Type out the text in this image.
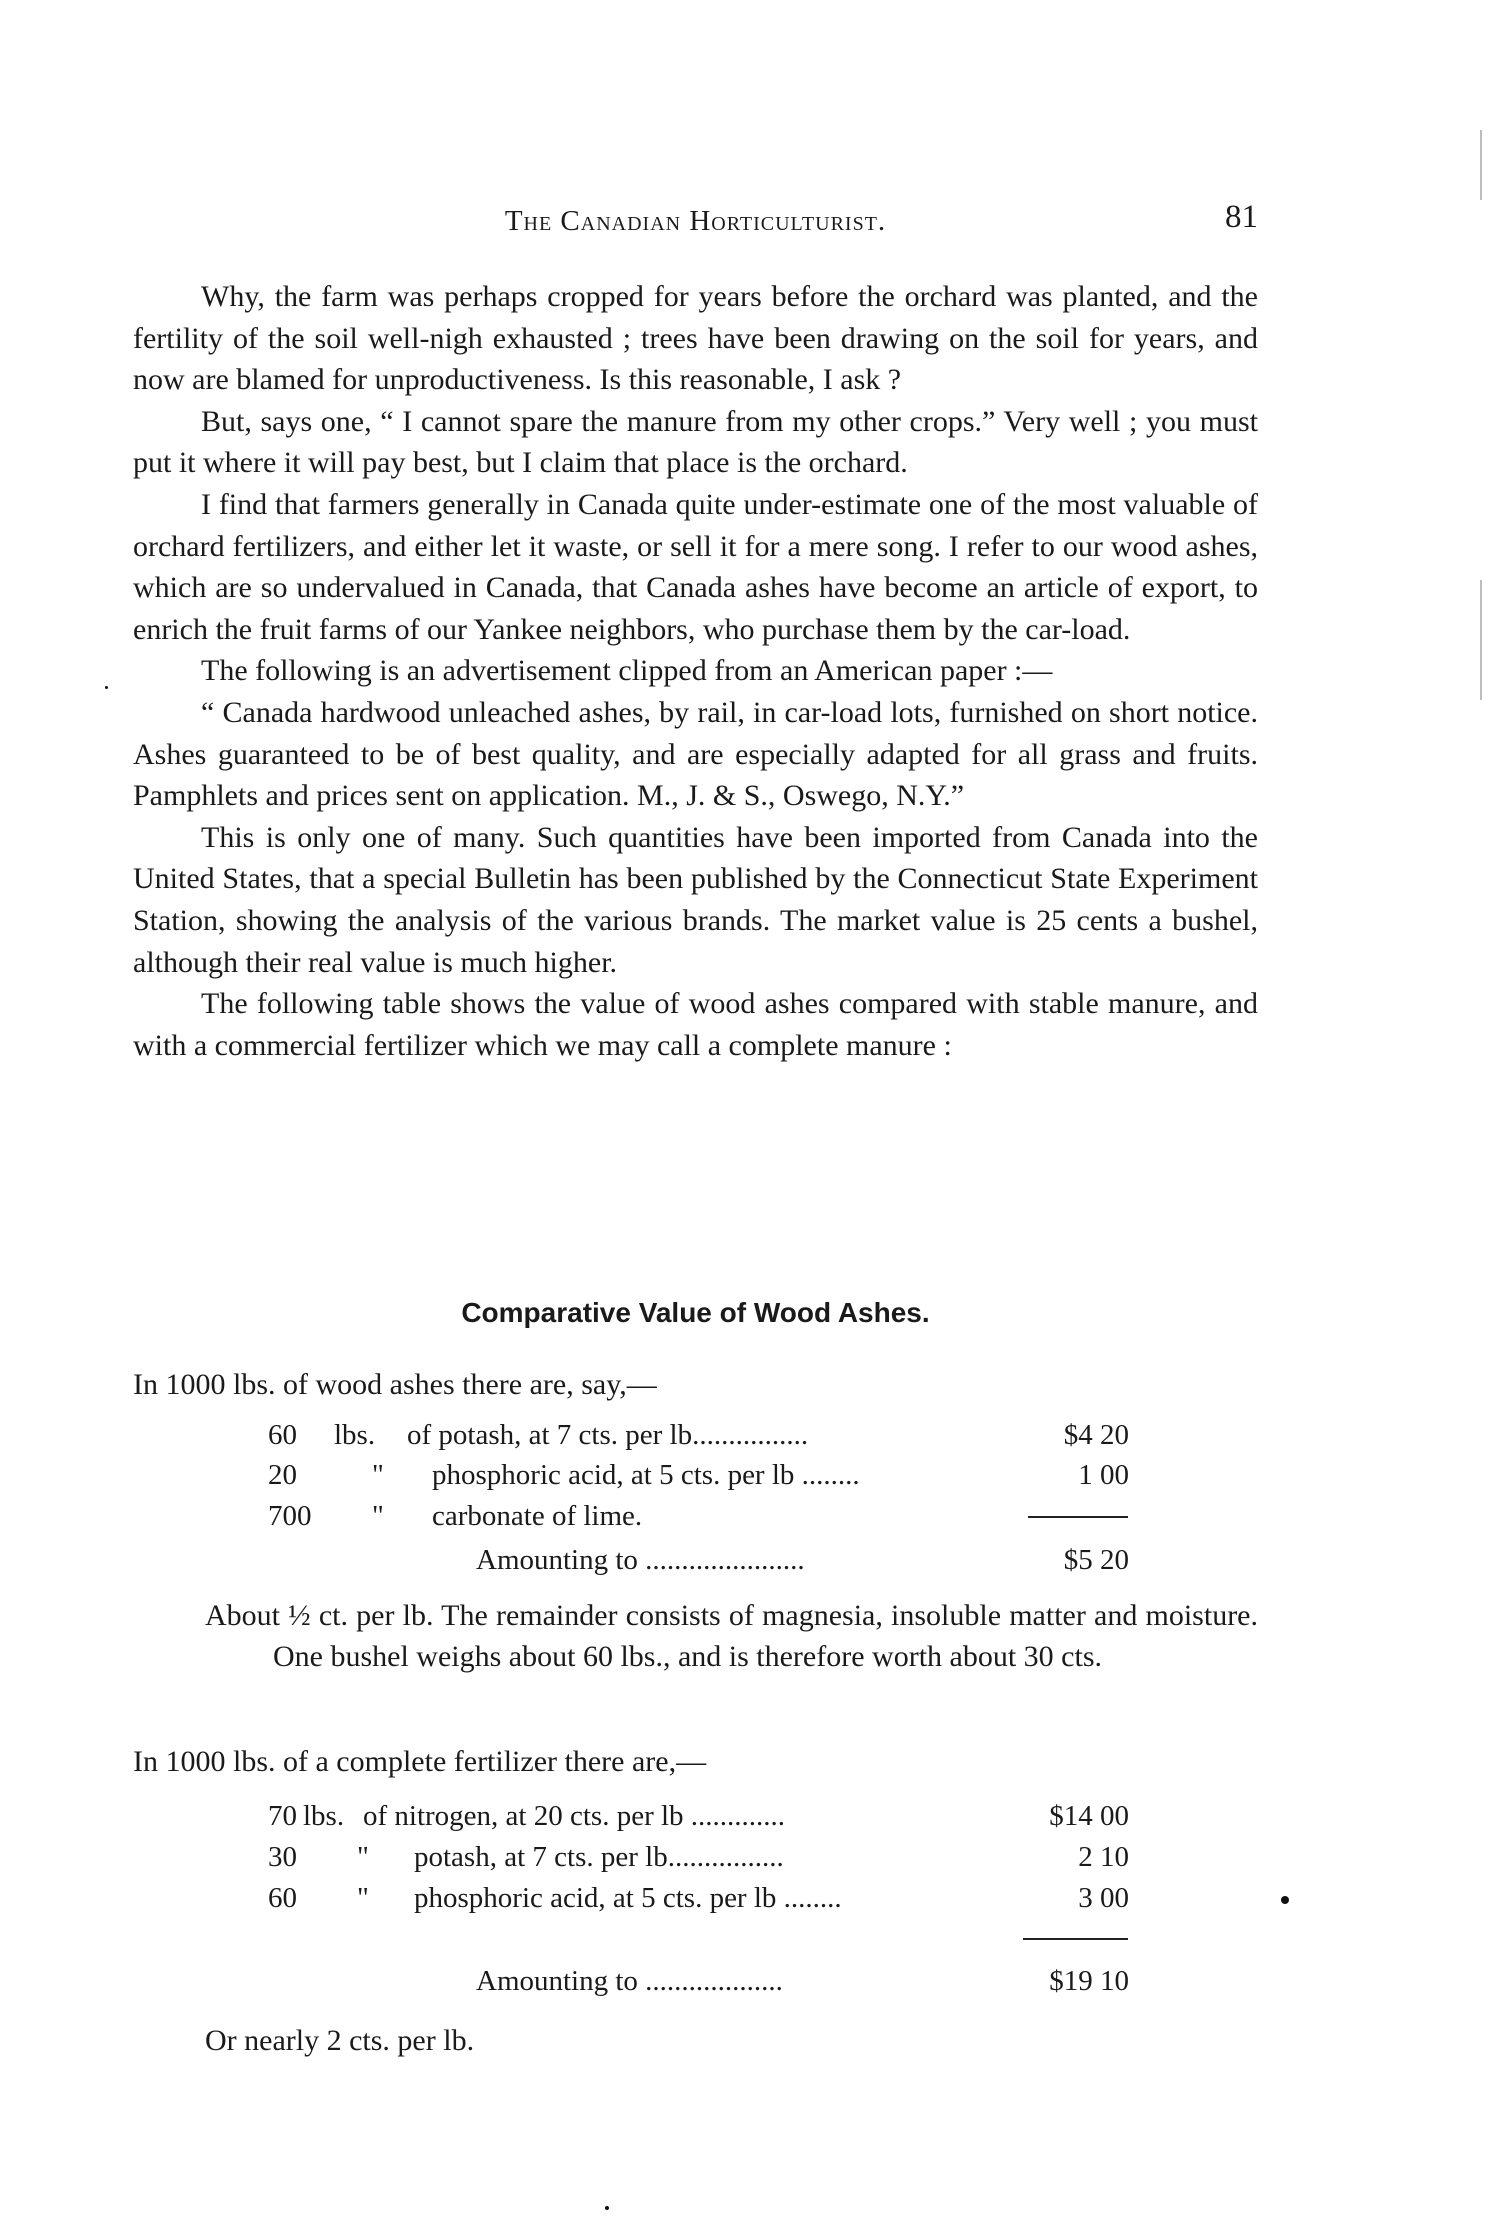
The Canadian Horticulturist.	81

Why, the farm was perhaps cropped for years before the orchard was planted, and the fertility of the soil well-nigh exhausted ; trees have been drawing on the soil for years, and now are blamed for unproductiveness. Is this reasonable, I ask ?

But, says one, “ I cannot spare the manure from my other crops.” Very well ; you must put it where it will pay best, but I claim that place is the orchard.

I find that farmers generally in Canada quite under-estimate one of the most valuable of orchard fertilizers, and either let it waste, or sell it for a mere song. I refer to our wood ashes, which are so undervalued in Canada, that Canada ashes have become an article of export, to enrich the fruit farms of our Yankee neighbors, who purchase them by the car-load.

The following is an advertisement clipped from an American paper :—

“ Canada hardwood unleached ashes, by rail, in car-load lots, furnished on short notice. Ashes guaranteed to be of best quality, and are especially adapted for all grass and fruits. Pamphlets and prices sent on application. M., J. & S., Oswego, N.Y.”

This is only one of many. Such quantities have been imported from Canada into the United States, that a special Bulletin has been published by the Connecticut State Experiment Station, showing the analysis of the various brands. The market value is 25 cents a bushel, although their real value is much higher.

The following table shows the value of wood ashes compared with stable manure, and with a commercial fertilizer which we may call a complete manure :

Comparative Value of Wood Ashes.
In 1000 lbs. of wood ashes there are, say,—
60 lbs. of potash, at 7 cts. per lb................	$4 20
20	" phosphoric acid, at 5 cts. per lb ........	1 00
700 " carbonate of lime.
Amounting to ......................	$5 20
About ½ ct. per lb. The remainder consists of magnesia, insoluble matter and moisture. One bushel weighs about 60 lbs., and is therefore worth about 30 cts.
In 1000 lbs. of a complete fertilizer there are,—
70 lbs. of nitrogen, at 20 cts. per lb .............	$14 00
30 " potash, at 7 cts. per lb................	2 10
60 " phosphoric acid, at 5 cts. per lb ........	3 00
Amounting to ...................	$19 10
Or nearly 2 cts. per lb.
